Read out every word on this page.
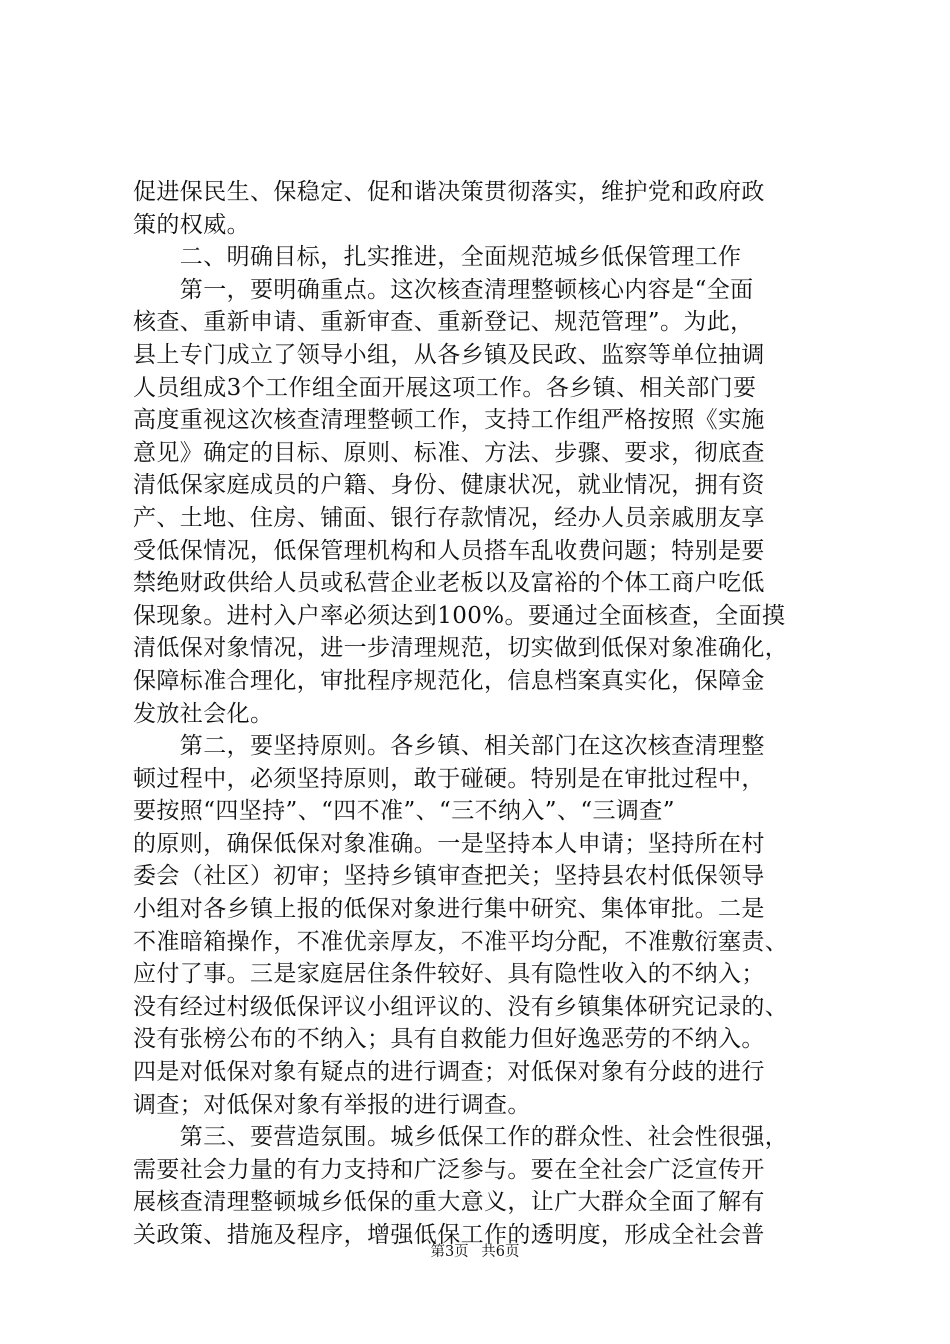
促进保民生、保稳定、促和谐决策贯彻落实，维护党和政府政
策的权威。
　　二、明确目标，扎实推进，全面规范城乡低保管理工作
　　第一，要明确重点。这次核查清理整顿核心内容是“全面
核查、重新申请、重新审查、重新登记、规范管理”。为此，
县上专门成立了领导小组，从各乡镇及民政、监察等单位抽调
人员组成3个工作组全面开展这项工作。各乡镇、相关部门要
高度重视这次核查清理整顿工作，支持工作组严格按照《实施
意见》确定的目标、原则、标准、方法、步骤、要求，彻底查
清低保家庭成员的户籍、身份、健康状况，就业情况，拥有资
产、土地、住房、铺面、银行存款情况，经办人员亲戚朋友享
受低保情况，低保管理机构和人员搭车乱收费问题；特别是要
禁绝财政供给人员或私营企业老板以及富裕的个体工商户吃低
保现象。进村入户率必须达到100%。要通过全面核查，全面摸
清低保对象情况，进一步清理规范，切实做到低保对象准确化，
保障标准合理化，审批程序规范化，信息档案真实化，保障金
发放社会化。
　　第二，要坚持原则。各乡镇、相关部门在这次核查清理整
顿过程中，必须坚持原则，敢于碰硬。特别是在审批过程中，
要按照“四坚持”、“四不准”、“三不纳入”、“三调查”
的原则，确保低保对象准确。一是坚持本人申请；坚持所在村
委会（社区）初审；坚持乡镇审查把关；坚持县农村低保领导
小组对各乡镇上报的低保对象进行集中研究、集体审批。二是
不准暗箱操作，不准优亲厚友，不准平均分配，不准敷衍塞责、
应付了事。三是家庭居住条件较好、具有隐性收入的不纳入；
没有经过村级低保评议小组评议的、没有乡镇集体研究记录的、
没有张榜公布的不纳入；具有自救能力但好逸恶劳的不纳入。
四是对低保对象有疑点的进行调查；对低保对象有分歧的进行
调查；对低保对象有举报的进行调查。
　　第三、要营造氛围。城乡低保工作的群众性、社会性很强，
需要社会力量的有力支持和广泛参与。要在全社会广泛宣传开
展核查清理整顿城乡低保的重大意义，让广大群众全面了解有
关政策、措施及程序，增强低保工作的透明度，形成全社会普
第3页 共6页
